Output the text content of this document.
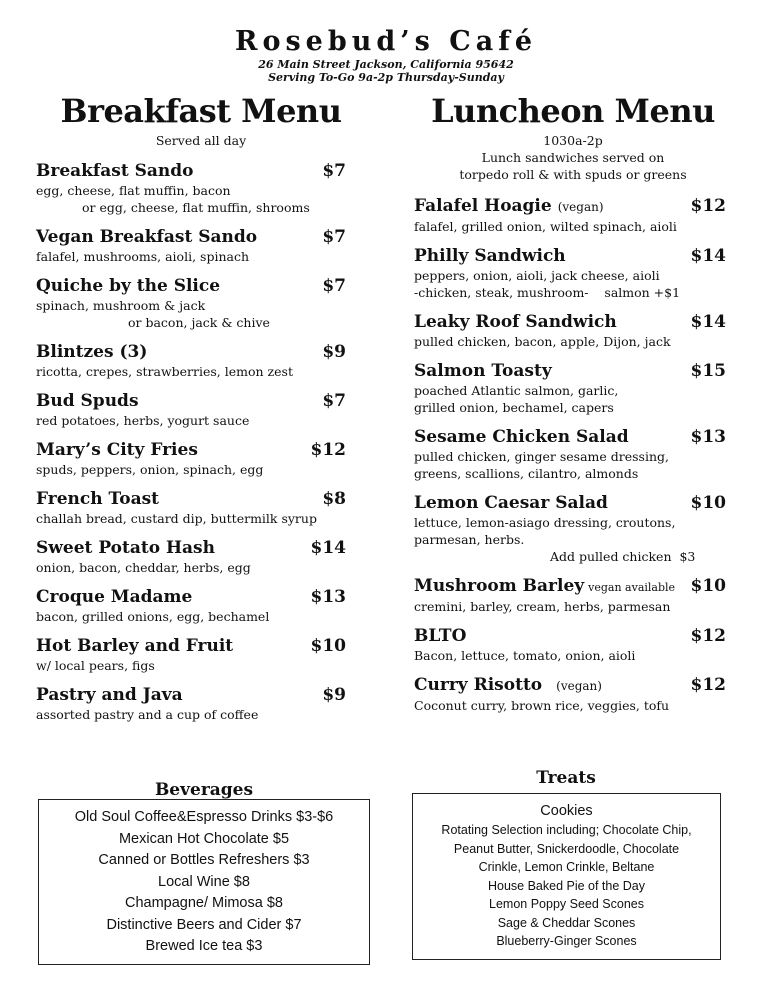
Rosebud’s Café
26 Main Street Jackson, California 95642
Serving To-Go 9a-2p Thursday-Sunday
Breakfast Menu
Served all day
Breakfast Sando	$7
egg, cheese, flat muffin, bacon
or egg, cheese, flat muffin, shrooms
Vegan Breakfast Sando	$7
falafel, mushrooms, aioli, spinach
Quiche by the Slice	$7
spinach, mushroom & jack
or bacon, jack & chive
Blintzes (3)	$9
ricotta, crepes, strawberries, lemon zest
Bud Spuds	$7
red potatoes, herbs, yogurt sauce
Mary’s City Fries	$12
spuds, peppers, onion, spinach, egg
French Toast	$8
challah bread, custard dip, buttermilk syrup
Sweet Potato Hash	$14
onion, bacon, cheddar, herbs, egg
Croque Madame	$13
bacon, grilled onions, egg, bechamel
Hot Barley and Fruit	$10
w/ local pears, figs
Pastry and Java	$9
assorted pastry and a cup of coffee
Luncheon Menu
1030a-2p
Lunch sandwiches served on
torpedo roll & with spuds or greens
Falafel Hoagie (vegan)	$12
falafel, grilled onion, wilted spinach, aioli
Philly Sandwich	$14
peppers, onion, aioli, jack cheese, aioli
-chicken, steak, mushroom-    salmon +$1
Leaky Roof Sandwich	$14
pulled chicken, bacon, apple, Dijon, jack
Salmon Toasty	$15
poached Atlantic salmon, garlic,
grilled onion, bechamel, capers
Sesame Chicken Salad	$13
pulled chicken, ginger sesame dressing,
greens, scallions, cilantro, almonds
Lemon Caesar Salad	$10
lettuce, lemon-asiago dressing, croutons,
parmesan, herbs.
Add pulled chicken  $3
Mushroom Barley vegan available $10
cremini, barley, cream, herbs, parmesan
BLTO	$12
Bacon, lettuce, tomato, onion, aioli
Curry Risotto (vegan)	$12
Coconut curry, brown rice, veggies, tofu
Beverages
Old Soul Coffee&Espresso Drinks $3-$6
Mexican Hot Chocolate $5
Canned or Bottles Refreshers $3
Local Wine $8
Champagne/ Mimosa $8
Distinctive Beers and Cider $7
Brewed Ice tea $3
Treats
Cookies
Rotating Selection including; Chocolate Chip,
Peanut Butter, Snickerdoodle, Chocolate
Crinkle, Lemon Crinkle, Beltane
House Baked Pie of the Day
Lemon Poppy Seed Scones
Sage & Cheddar Scones
Blueberry-Ginger Scones
